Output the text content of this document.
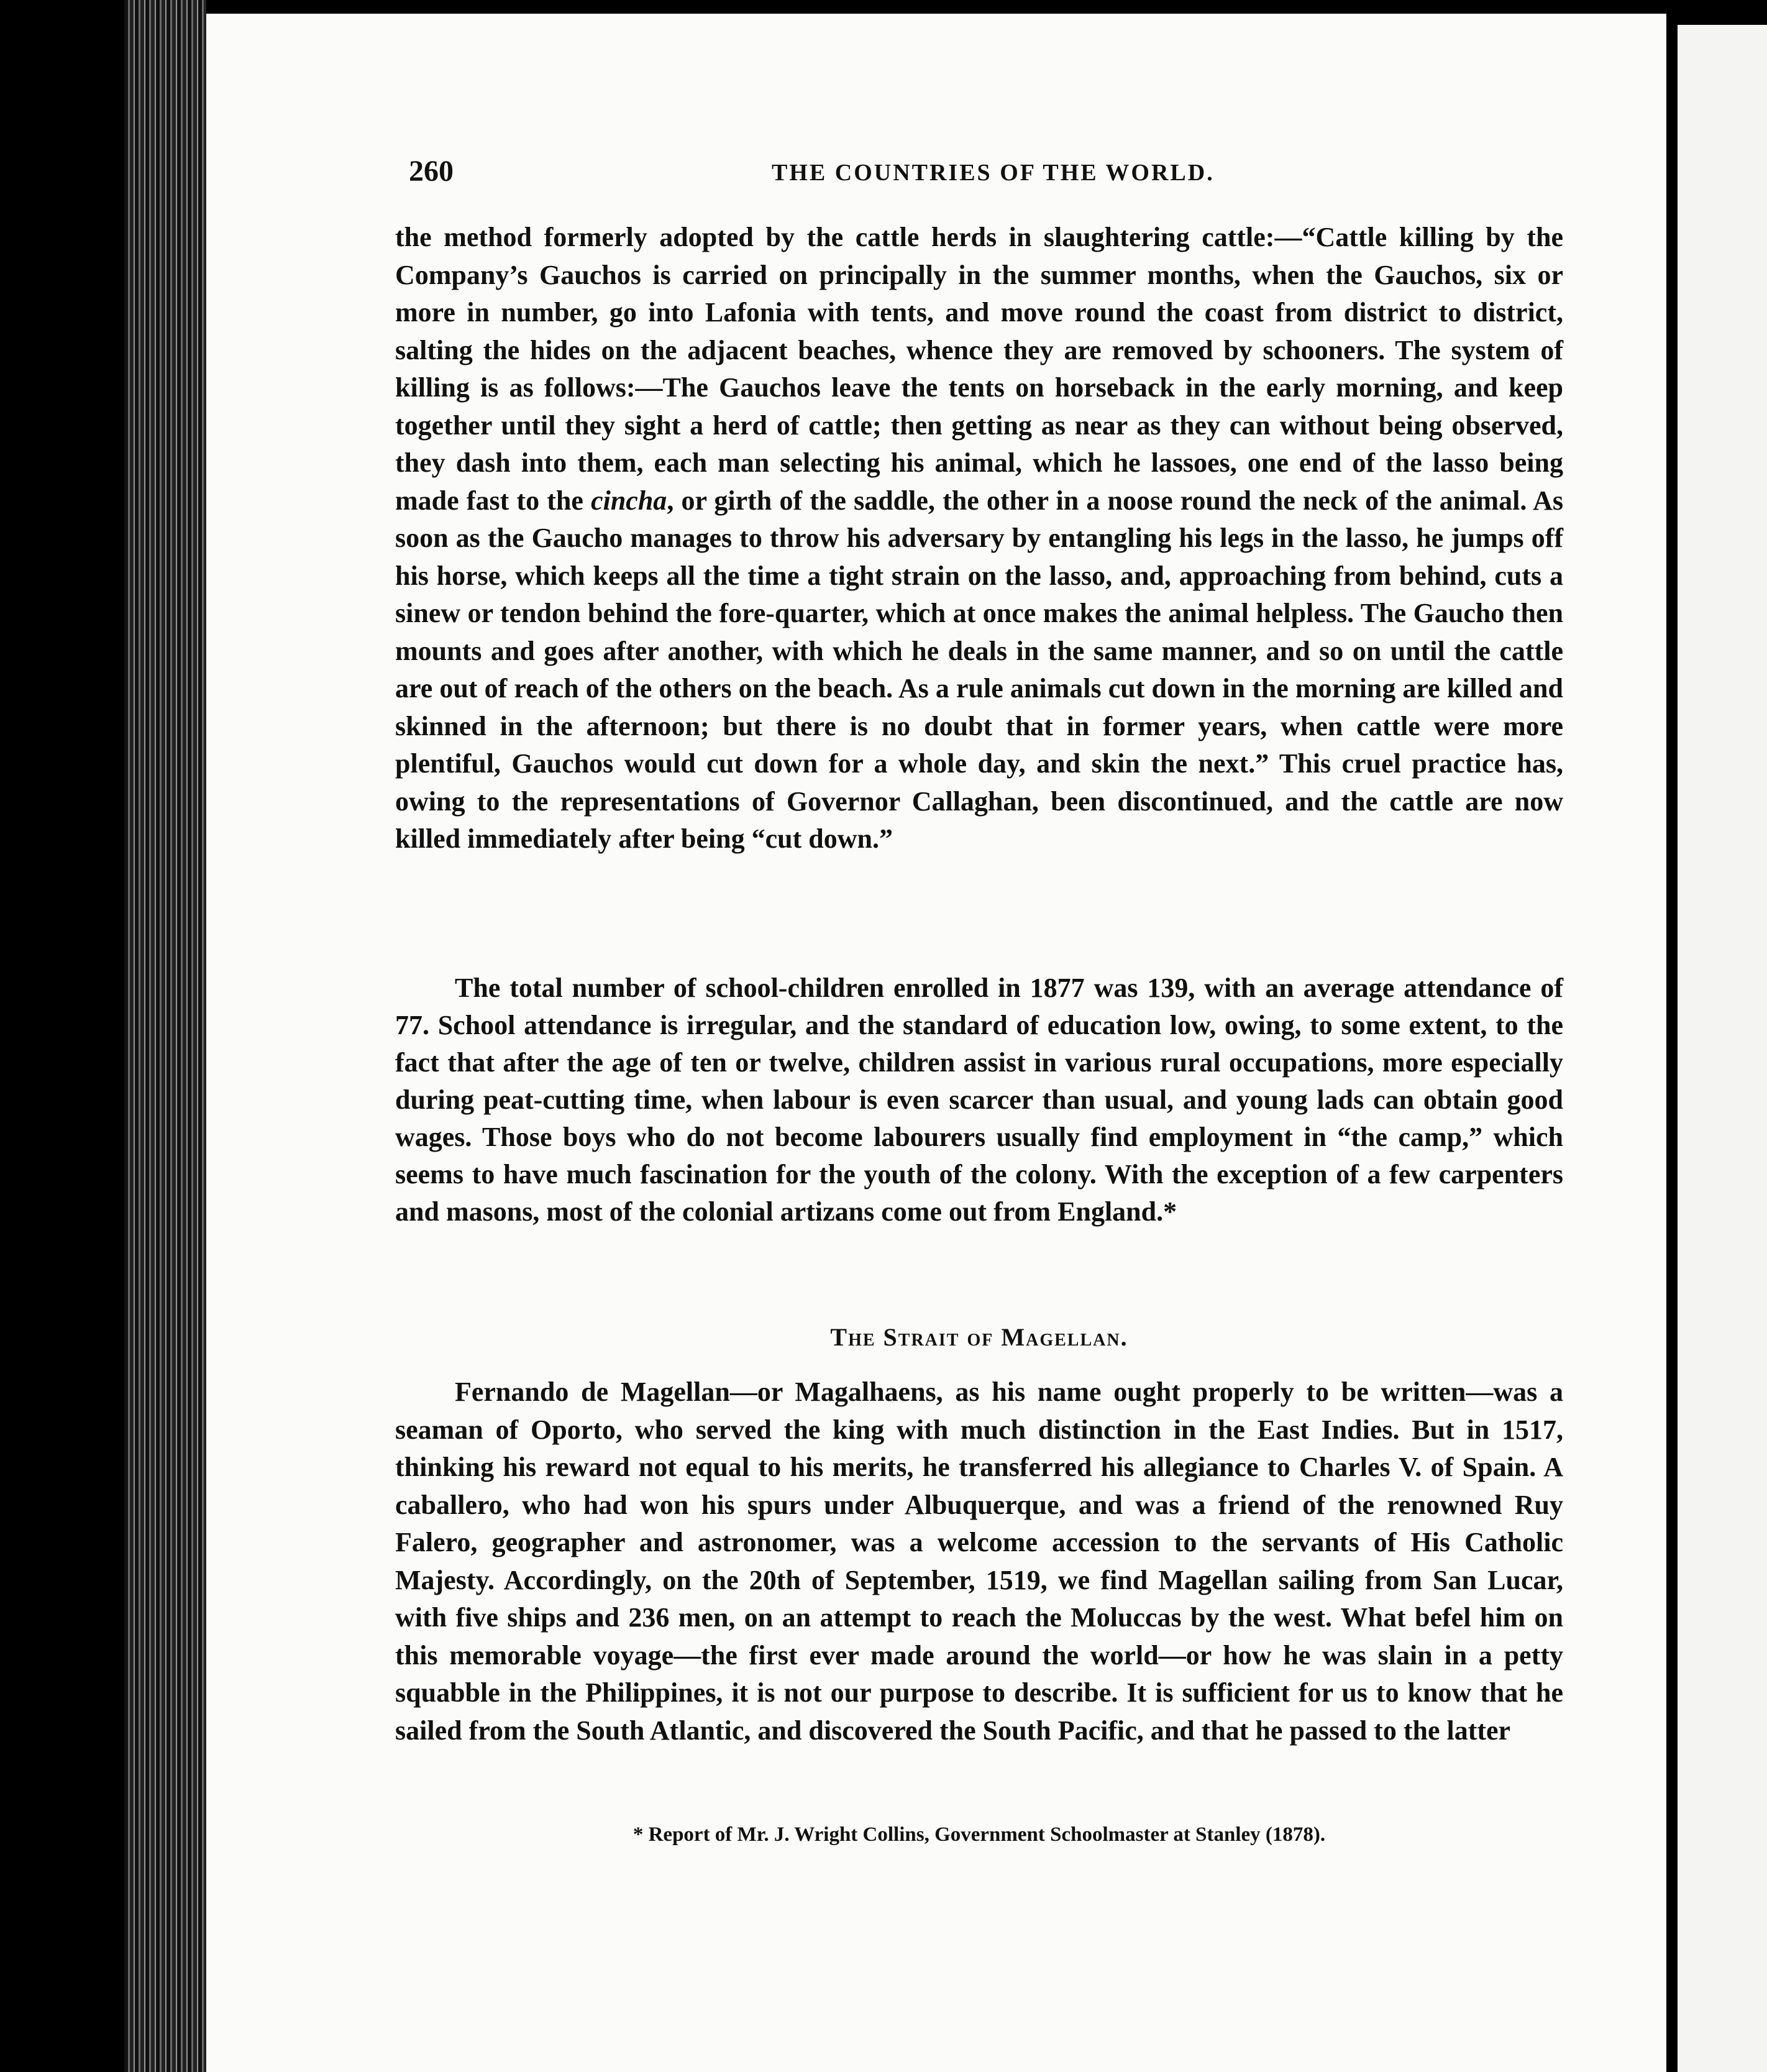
260	THE COUNTRIES OF THE WORLD.

the method formerly adopted by the cattle herds in slaughtering cattle:—“Cattle killing by the Company’s Gauchos is carried on principally in the summer months, when the Gauchos, six or more in number, go into Lafonia with tents, and move round the coast from district to district, salting the hides on the adjacent beaches, whence they are removed by schooners. The system of killing is as follows:—The Gauchos leave the tents on horseback in the early morning, and keep together until they sight a herd of cattle; then getting as near as they can without being observed, they dash into them, each man selecting his animal, which he lassoes, one end of the lasso being made fast to the cincha, or girth of the saddle, the other in a noose round the neck of the animal. As soon as the Gaucho manages to throw his adversary by entangling his legs in the lasso, he jumps off his horse, which keeps all the time a tight strain on the lasso, and, approaching from behind, cuts a sinew or tendon behind the fore-quarter, which at once makes the animal helpless. The Gaucho then mounts and goes after another, with which he deals in the same manner, and so on until the cattle are out of reach of the others on the beach. As a rule animals cut down in the morning are killed and skinned in the afternoon; but there is no doubt that in former years, when cattle were more plentiful, Gauchos would cut down for a whole day, and skin the next.” This cruel practice has, owing to the representations of Governor Callaghan, been discontinued, and the cattle are now killed immediately after being “cut down.”

The total number of school-children enrolled in 1877 was 139, with an average attendance of 77. School attendance is irregular, and the standard of education low, owing, to some extent, to the fact that after the age of ten or twelve, children assist in various rural occupations, more especially during peat-cutting time, when labour is even scarcer than usual, and young lads can obtain good wages. Those boys who do not become labourers usually find employment in “the camp,” which seems to have much fascination for the youth of the colony. With the exception of a few carpenters and masons, most of the colonial artizans come out from England.*

The Strait of Magellan.

Fernando de Magellan—or Magalhaens, as his name ought properly to be written—was a seaman of Oporto, who served the king with much distinction in the East Indies. But in 1517, thinking his reward not equal to his merits, he transferred his allegiance to Charles V. of Spain. A caballero, who had won his spurs under Albuquerque, and was a friend of the renowned Ruy Falero, geographer and astronomer, was a welcome accession to the servants of His Catholic Majesty. Accordingly, on the 20th of September, 1519, we find Magellan sailing from San Lucar, with five ships and 236 men, on an attempt to reach the Moluccas by the west. What befel him on this memorable voyage—the first ever made around the world—or how he was slain in a petty squabble in the Philippines, it is not our purpose to describe. It is sufficient for us to know that he sailed from the South Atlantic, and discovered the South Pacific, and that he passed to the latter

* Report of Mr. J. Wright Collins, Government Schoolmaster at Stanley (1878).
